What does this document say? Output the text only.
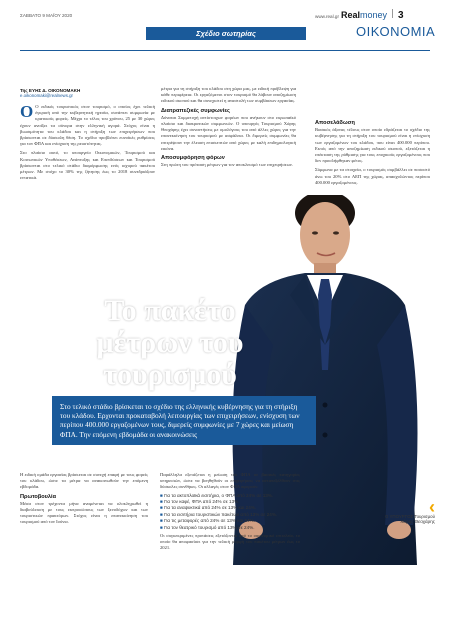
ΣΑΒΒΑΤΟ 9 ΜΑΪΟΥ 2020	www.real.gr Real money 3
Σχέδιο σωτηρίας	ΟΙΚΟΝΟΜΙΑ
Της ΕΥΗΣ Δ. ΟΙΚΟΝΟΜΑΚΗ
e.oikonomaki@realnews.gr
Ο Ο ειδικός τουριστικός στον τουρισμό, ο οποίος έχει τελική έγκρισή από την κυβερνητική ηγεσία, συνάπτει συμφωνία με κρατικούς φορείς. Μέχρι το τέλος του χρόνου, 25 με 30 χώρες έχουν ανοίξει τα σύνορα στην ελληνική αγορά. Στόχος είναι η βιωσιμότητα του κλάδου και η στήριξη των επιχειρήσεων που βρίσκονται σε δύσκολη θέση. Το σχέδιο προβλέπει ευνοϊκές ρυθμίσεις για τον ΦΠΑ και ενίσχυση της ρευστότητας.
Στο πλαίσιο αυτό, το υπουργείο Οικονομικών, Τουρισμού και Κοινωνικών Υποθέσεων, Ανάπτυξης και Επενδύσεων και Τουρισμού βρίσκονται στο τελικό στάδιο διαμόρφωσης ενός ισχυρού πακέτου μέτρων. Με στόχο το 30% της ζήτησης έως το 2018 συνεδριάζουν εντατικά.
μέτρα για τη στήριξη του κλάδου στη χώρα μας, με ειδική πρόβλεψη για κάθε περιφέρεια. Οι εργαζόμενοι στον τουρισμό θα λάβουν αποζημίωση ειδικού σκοπού και θα συνεχιστεί η αναστολή των συμβάσεων εργασίας.
Διατραπεζικές συμφωνίες
Δύναται Συμμετοχή αντίστοιχων φορέων που ανήκουν στο ευρωπαϊκό πλαίσιο και διακρατικών συμφωνιών. Ο υπουργός Τουρισμού Χάρης Θεοχάρης έχει συναντήσεις με ομολόγους του από άλλες χώρες για την επανεκκίνηση του τουρισμού με ασφάλεια. Οι διμερείς συμφωνίες θα επιτρέψουν την έλευση επισκεπτών από χώρες με καλή επιδημιολογική εικόνα.
Αποσυμφόρηση φόρων
Στη πρώτη του πρόταση μέτρων για τον αποκλεισμό των επιχειρήσεων.
Αποσελάδωση
Βασικός άξονας τέλους στον οποίο εδράζεται το σχέδιο της κυβέρνησης για τη στήριξη του τουρισμού είναι η ενίσχυση των εργαζομένων του κλάδου, που είναι 400.000 περίπου. Εκτός από την αποζημίωση ειδικού σκοπού, εξετάζεται η επέκταση της ρύθμισης για τους εποχικούς εργαζομένους που δεν προσλήφθηκαν φέτος.
Σύμφωνα με τα στοιχεία, ο τουρισμός συμβάλλει σε ποσοστό άνω του 20% στο ΑΕΠ της χώρας, απασχολώντας περίπου 400.000 εργαζομένους.
Το πακέτο
μέτρων του
τουρισμού
Στο τελικό στάδιο βρίσκεται το σχέδιο της ελληνικής κυβέρνησης για τη στήριξη του κλάδου. Ερχονται προκαταβολή λειτουργίας των επιχειρήσεων, ενίσχυση των περίπου 400.000 εργαζομένων τους, διμερείς συμφωνίες με 7 χώρες και μείωση ΦΠΑ. Την επόμενη εβδομάδα οι ανακοινώσεις
‹
Ο ΥΠΟΥΡΓΟΣ Τουρισμού
Χάρης Θεοχάρης
Η ειδική ομάδα εργασίας βρίσκεται σε συνεχή επαφή με τους φορείς του κλάδου, ώστε τα μέτρα να ανακοινωθούν την επόμενη εβδομάδα.
Πρωτοβουλία
Μέσα στον τρέχοντα μήνα αναμένεται να ολοκληρωθεί η διαβούλευση με τους εκπροσώπους των ξενοδόχων και των τουριστικών πρακτόρων. Στόχος είναι η επανεκκίνηση του τουρισμού από τον Ιούνιο.
Παράλληλα εξετάζεται η μείωση του ΦΠΑ σε βασικές κατηγορίες υπηρεσιών, ώστε να βοηθηθούν οι επιχειρήσεις να ανταπεξέλθουν στις δύσκολες συνθήκες. Οι αλλαγές στον ΦΠΑ αφορούν:
■ Για τα ακτοπλοϊκά εισιτήρια, ο ΦΠΑ από 24% σε 13%.
■ Για τον καφέ, ΦΠΑ από 24% σε 13%.
■ Για τα αναψυκτικά από 24% σε 13% και 24%.
■ Για τα εισιτήρια τουριστικών πακέτων από 13% σε 24%.
■ Για τις μεταφορές από 24% σε 13% και 24%.
■ Για τον θεατρικό τουρισμό από 13% σε 24%.
Οι συγκεκριμένες προτάσεις εξετάζονται από το οικονομικό επιτελείο, το οποίο θα αποφασίσει για την τελική μορφή του πακέτου μέτρων έως το 2021.
